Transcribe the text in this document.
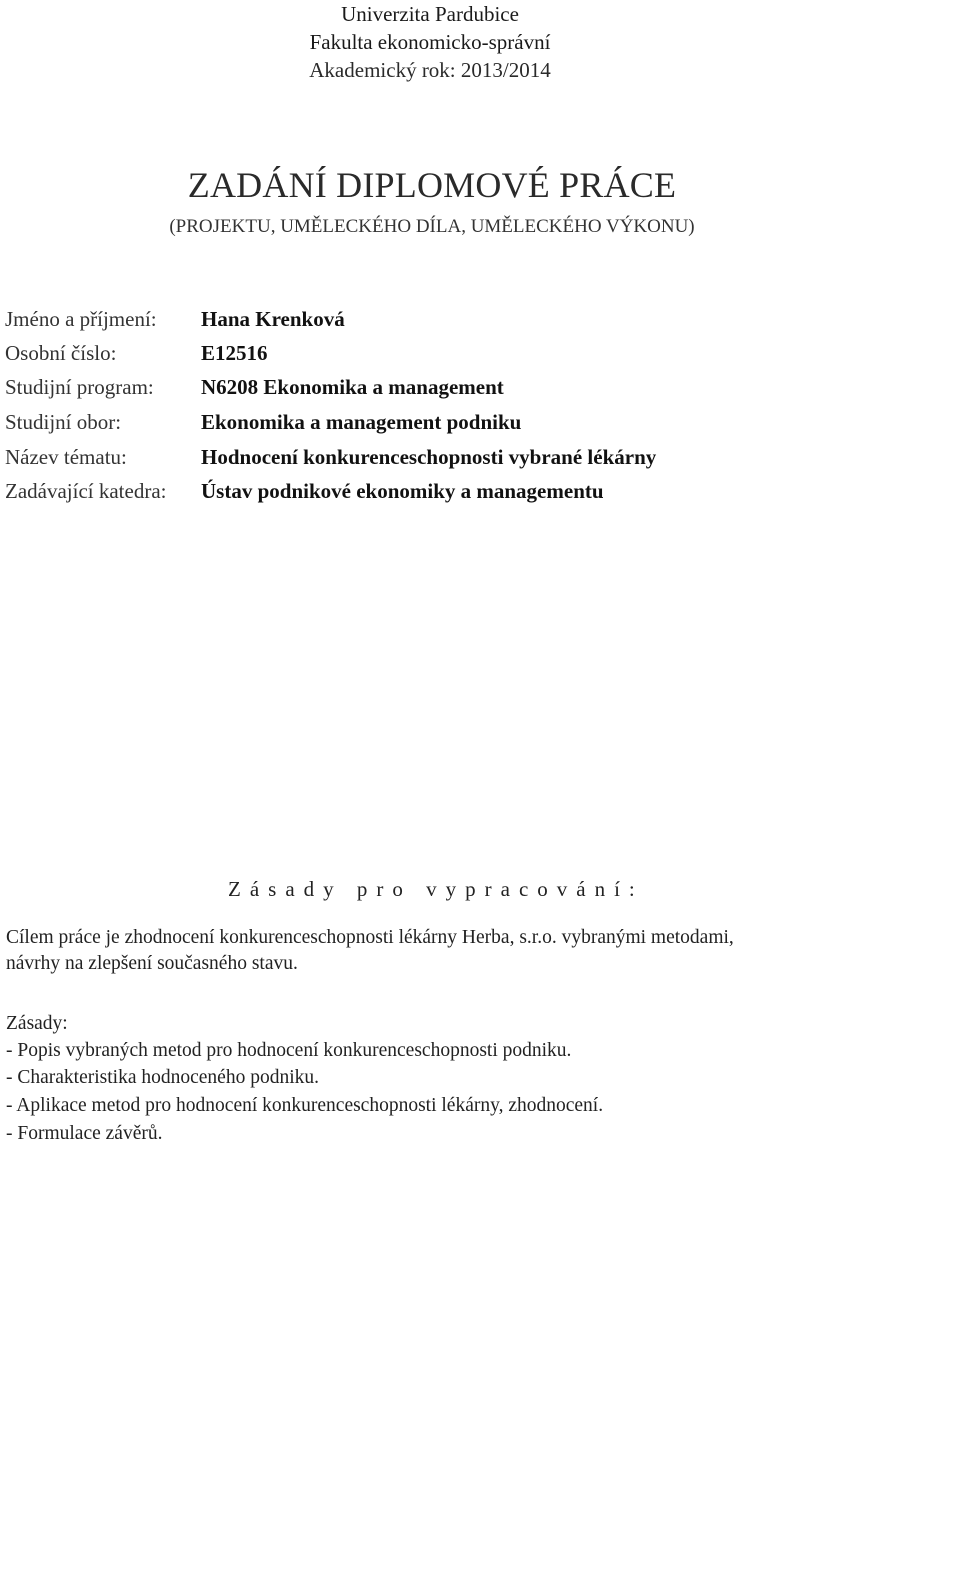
Univerzita Pardubice
Fakulta ekonomicko-správní
Akademický rok: 2013/2014
ZADÁNÍ DIPLOMOVÉ PRÁCE
(PROJEKTU, UMĚLECKÉHO DÍLA, UMĚLECKÉHO VÝKONU)
Jméno a příjmení: Hana Krenková
Osobní číslo:	E12516
Studijní program: N6208 Ekonomika a management
Studijní obor:	Ekonomika a management podniku
Název tématu:	Hodnocení konkurenceschopnosti vybrané lékárny
Zadávající katedra: Ústav podnikové ekonomiky a managementu
Zásady pro vypracování:
Cílem práce je zhodnocení konkurenceschopnosti lékárny Herba, s.r.o. vybranými metodami,
návrhy na zlepšení současného stavu.
Zásady:
- Popis vybraných metod pro hodnocení konkurenceschopnosti podniku.
- Charakteristika hodnoceného podniku.
- Aplikace metod pro hodnocení konkurenceschopnosti lékárny, zhodnocení.
- Formulace závěrů.
